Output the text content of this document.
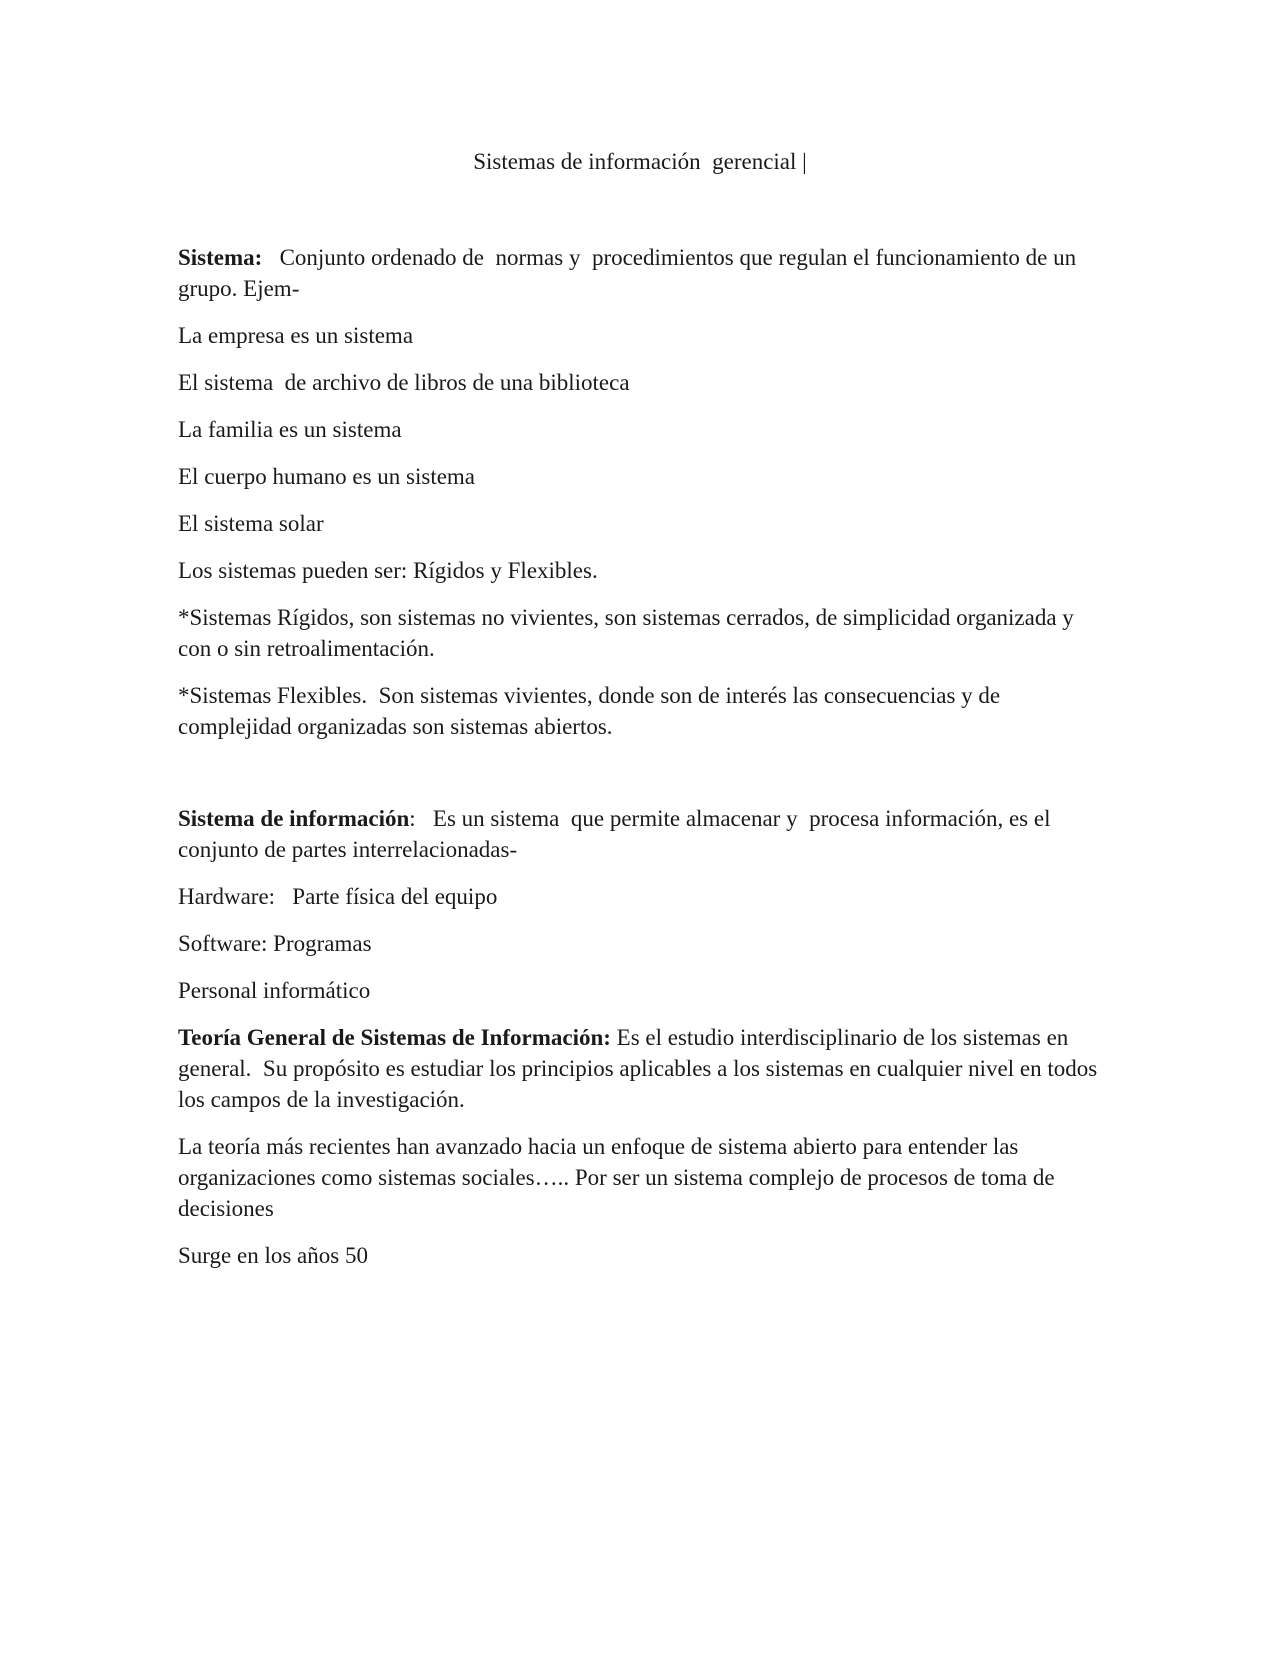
Sistemas de información  gerencial |

Sistema:   Conjunto ordenado de  normas y  procedimientos que regulan el funcionamiento de un grupo. Ejem-

La empresa es un sistema

El sistema  de archivo de libros de una biblioteca

La familia es un sistema

El cuerpo humano es un sistema

El sistema solar

Los sistemas pueden ser: Rígidos y Flexibles.

*Sistemas Rígidos, son sistemas no vivientes, son sistemas cerrados, de simplicidad organizada y con o sin retroalimentación.

*Sistemas Flexibles.  Son sistemas vivientes, donde son de interés las consecuencias y de complejidad organizadas son sistemas abiertos.

Sistema de información:   Es un sistema  que permite almacenar y  procesa información, es el conjunto de partes interrelacionadas-

Hardware:   Parte física del equipo

Software: Programas

Personal informático

Teoría General de Sistemas de Información: Es el estudio interdisciplinario de los sistemas en general.  Su propósito es estudiar los principios aplicables a los sistemas en cualquier nivel en todos los campos de la investigación.

La teoría más recientes han avanzado hacia un enfoque de sistema abierto para entender las organizaciones como sistemas sociales….. Por ser un sistema complejo de procesos de toma de decisiones

Surge en los años 50
